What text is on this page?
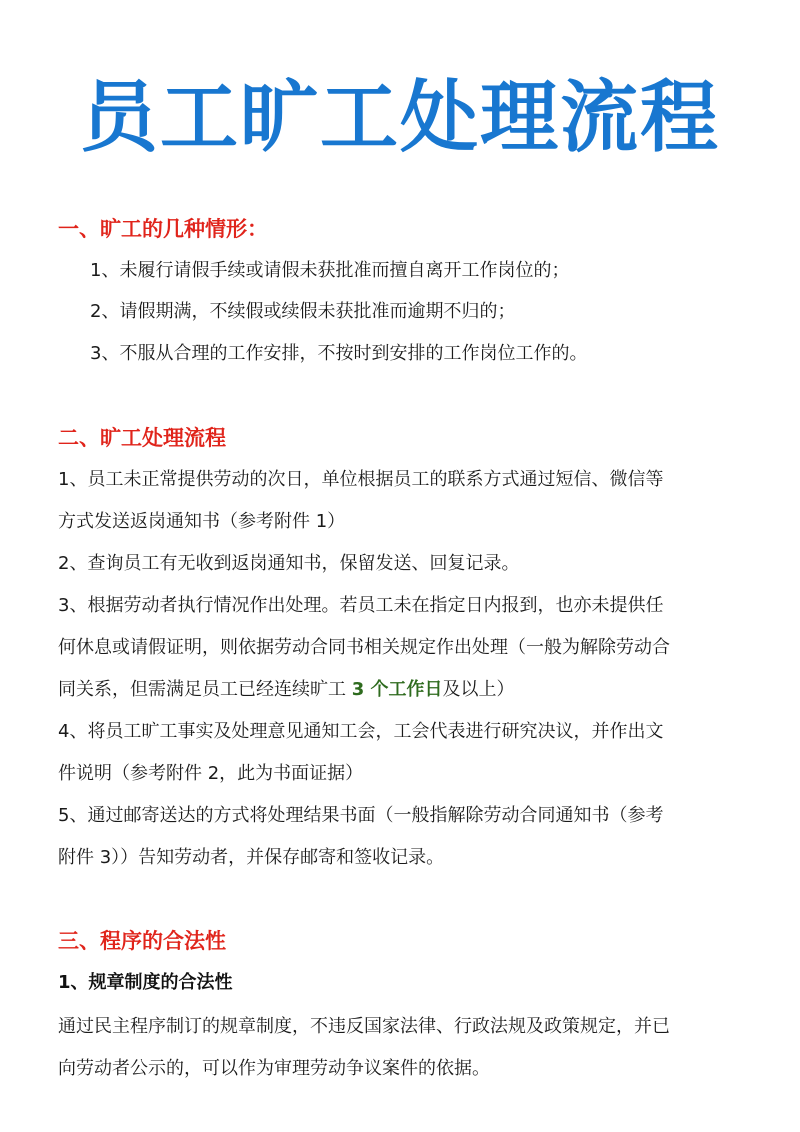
员工旷工处理流程
一、旷工的几种情形：
1、未履行请假手续或请假未获批准而擅自离开工作岗位的；
2、请假期满，不续假或续假未获批准而逾期不归的；
3、不服从合理的工作安排，不按时到安排的工作岗位工作的。
二、旷工处理流程
1、员工未正常提供劳动的次日，单位根据员工的联系方式通过短信、微信等
方式发送返岗通知书（参考附件 1）
2、查询员工有无收到返岗通知书，保留发送、回复记录。
3、根据劳动者执行情况作出处理。若员工未在指定日内报到，也亦未提供任
何休息或请假证明，则依据劳动合同书相关规定作出处理（一般为解除劳动合
同关系，但需满足员工已经连续旷工 3 个工作日及以上）
4、将员工旷工事实及处理意见通知工会，工会代表进行研究决议，并作出文
件说明（参考附件 2，此为书面证据）
5、通过邮寄送达的方式将处理结果书面（一般指解除劳动合同通知书（参考
附件 3））告知劳动者，并保存邮寄和签收记录。
三、程序的合法性
1、规章制度的合法性
通过民主程序制订的规章制度，不违反国家法律、行政法规及政策规定，并已
向劳动者公示的，可以作为审理劳动争议案件的依据。
